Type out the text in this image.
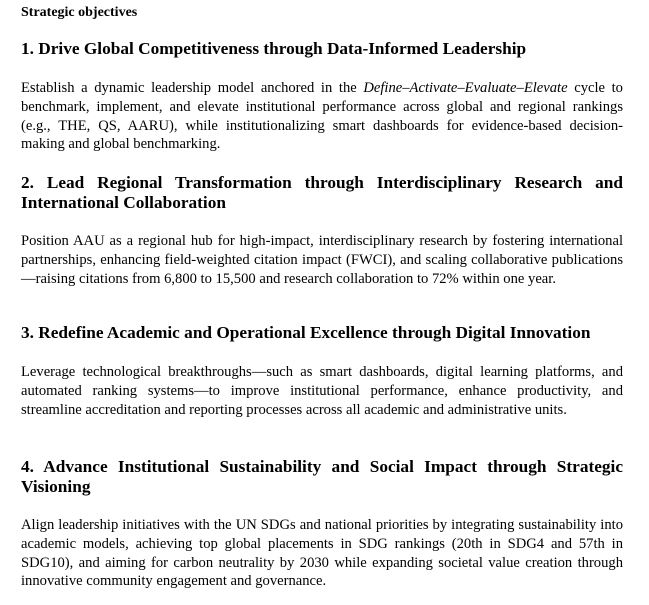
Strategic objectives
1. Drive Global Competitiveness through Data-Informed Leadership

Establish a dynamic leadership model anchored in the Define–Activate–Evaluate–Elevate cycle to benchmark, implement, and elevate institutional performance across global and regional rankings (e.g., THE, QS, AARU), while institutionalizing smart dashboards for evidence-based decision-making and global benchmarking.

2. Lead Regional Transformation through Interdisciplinary Research and International Collaboration

Position AAU as a regional hub for high-impact, interdisciplinary research by fostering international partnerships, enhancing field-weighted citation impact (FWCI), and scaling collaborative publications—raising citations from 6,800 to 15,500 and research collaboration to 72% within one year.

3. Redefine Academic and Operational Excellence through Digital Innovation

Leverage technological breakthroughs—such as smart dashboards, digital learning platforms, and automated ranking systems—to improve institutional performance, enhance productivity, and streamline accreditation and reporting processes across all academic and administrative units.

4. Advance Institutional Sustainability and Social Impact through Strategic Visioning

Align leadership initiatives with the UN SDGs and national priorities by integrating sustainability into academic models, achieving top global placements in SDG rankings (20th in SDG4 and 57th in SDG10), and aiming for carbon neutrality by 2030 while expanding societal value creation through innovative community engagement and governance.
